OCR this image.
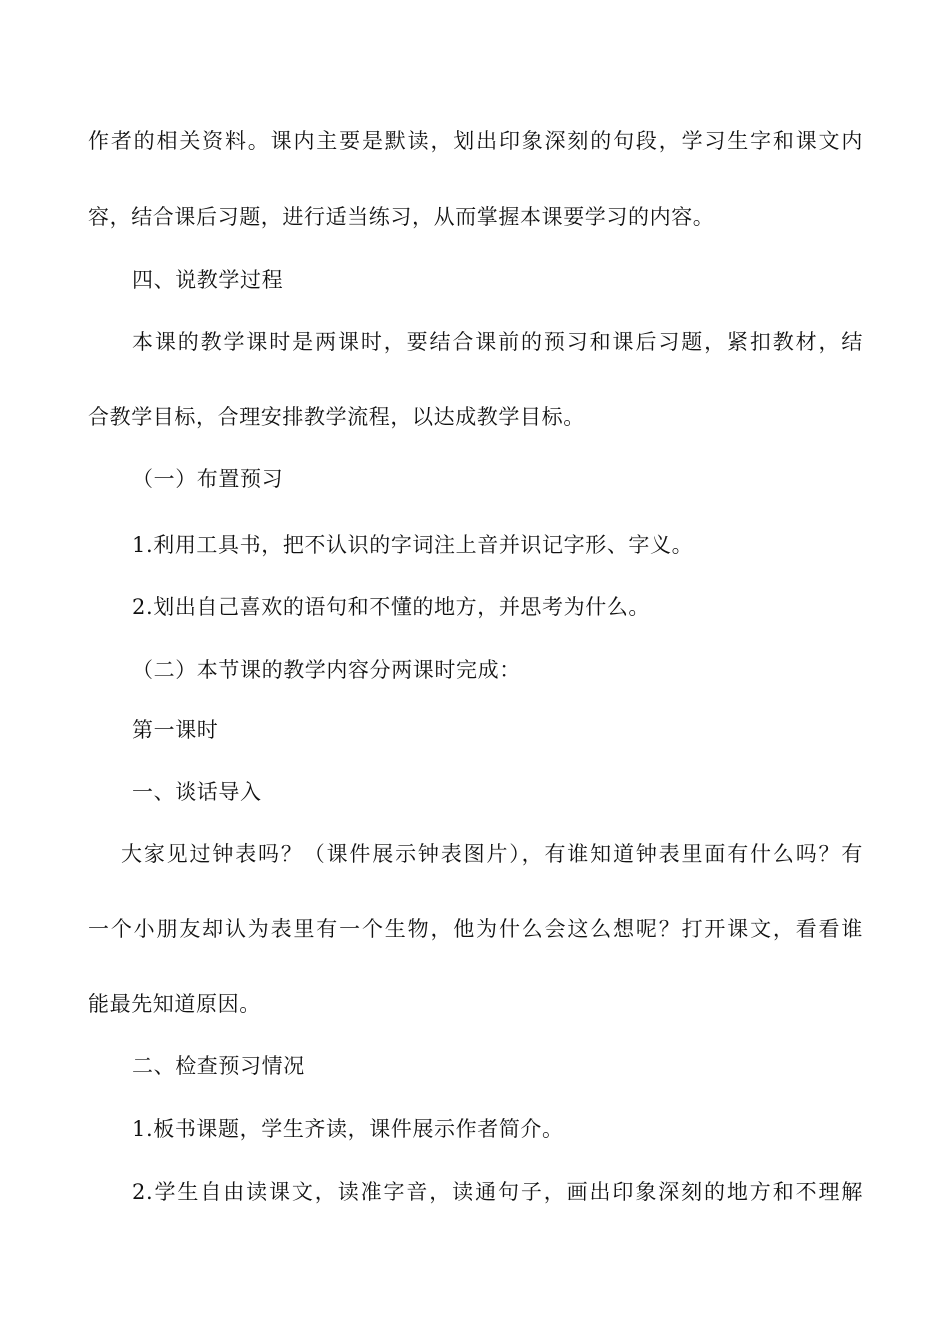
作者的相关资料。课内主要是默读，划出印象深刻的句段，学习生字和课文内
容，结合课后习题，进行适当练习，从而掌握本课要学习的内容。
四、说教学过程
本课的教学课时是两课时，要结合课前的预习和课后习题，紧扣教材，结
合教学目标，合理安排教学流程，以达成教学目标。
（一）布置预习
1.利用工具书，把不认识的字词注上音并识记字形、字义。
2.划出自己喜欢的语句和不懂的地方，并思考为什么。
（二）本节课的教学内容分两课时完成：
第一课时
一、谈话导入
大家见过钟表吗？（课件展示钟表图片），有谁知道钟表里面有什么吗？有
一个小朋友却认为表里有一个生物，他为什么会这么想呢？打开课文，看看谁
能最先知道原因。
二、检查预习情况
1.板书课题，学生齐读，课件展示作者简介。
2.学生自由读课文，读准字音，读通句子，画出印象深刻的地方和不理解
